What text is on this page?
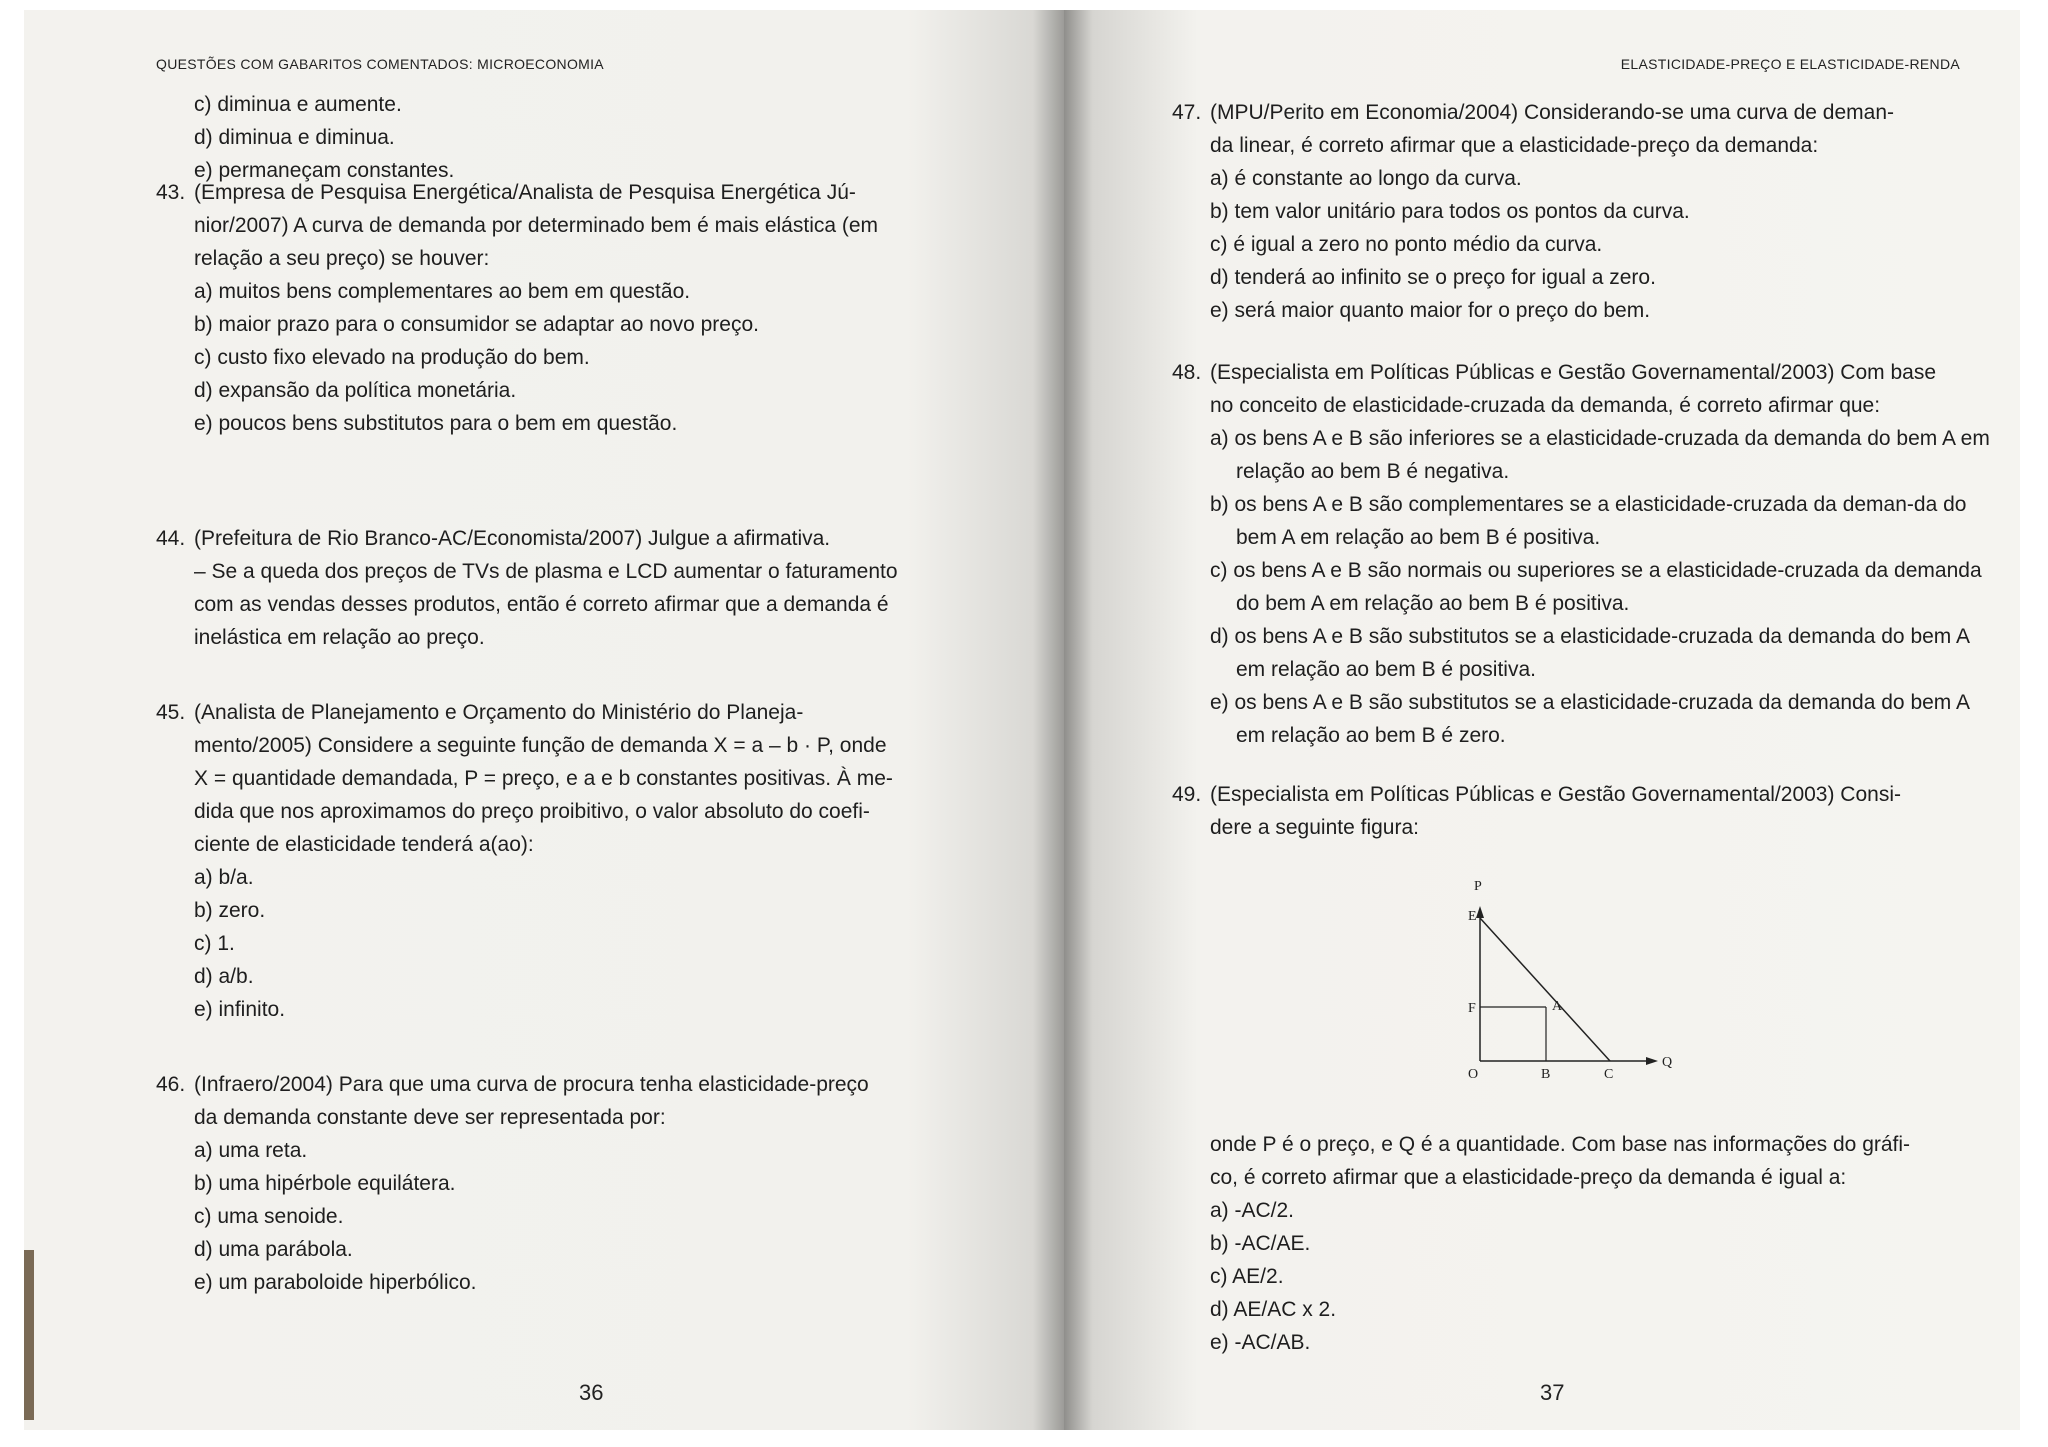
QUESTÕES COM GABARITOS COMENTADOS: MICROECONOMIA
c) diminua e aumente.
d) diminua e diminua.
e) permaneçam constantes.
43. (Empresa de Pesquisa Energética/Analista de Pesquisa Energética Jú-
nior/2007) A curva de demanda por determinado bem é mais elástica (em
relação a seu preço) se houver:
a) muitos bens complementares ao bem em questão.
b) maior prazo para o consumidor se adaptar ao novo preço.
c) custo fixo elevado na produção do bem.
d) expansão da política monetária.
e) poucos bens substitutos para o bem em questão.
44. (Prefeitura de Rio Branco-AC/Economista/2007) Julgue a afirmativa.
– Se a queda dos preços de TVs de plasma e LCD aumentar o faturamento
com as vendas desses produtos, então é correto afirmar que a demanda é
inelástica em relação ao preço.
45. (Analista de Planejamento e Orçamento do Ministério do Planeja-
mento/2005) Considere a seguinte função de demanda X = a – b · P, onde
X = quantidade demandada, P = preço, e a e b constantes positivas. À me-
dida que nos aproximamos do preço proibitivo, o valor absoluto do coefi-
ciente de elasticidade tenderá a(ao):
a) b/a.
b) zero.
c) 1.
d) a/b.
e) infinito.
46. (Infraero/2004) Para que uma curva de procura tenha elasticidade-preço
da demanda constante deve ser representada por:
a) uma reta.
b) uma hipérbole equilátera.
c) uma senoide.
d) uma parábola.
e) um paraboloide hiperbólico.
36
ELASTICIDADE-PREÇO E ELASTICIDADE-RENDA
47. (MPU/Perito em Economia/2004) Considerando-se uma curva de deman-
da linear, é correto afirmar que a elasticidade-preço da demanda:
a) é constante ao longo da curva.
b) tem valor unitário para todos os pontos da curva.
c) é igual a zero no ponto médio da curva.
d) tenderá ao infinito se o preço for igual a zero.
e) será maior quanto maior for o preço do bem.
48. (Especialista em Políticas Públicas e Gestão Governamental/2003) Com base
no conceito de elasticidade-cruzada da demanda, é correto afirmar que:
a) os bens A e B são inferiores se a elasticidade-cruzada da demanda do bem A em relação ao bem B é negativa.
b) os bens A e B são complementares se a elasticidade-cruzada da deman-da do bem A em relação ao bem B é positiva.
c) os bens A e B são normais ou superiores se a elasticidade-cruzada da demanda do bem A em relação ao bem B é positiva.
d) os bens A e B são substitutos se a elasticidade-cruzada da demanda do bem A em relação ao bem B é positiva.
e) os bens A e B são substitutos se a elasticidade-cruzada da demanda do bem A em relação ao bem B é zero.
49. (Especialista em Políticas Públicas e Gestão Governamental/2003) Consi-
dere a seguinte figura:
P
E
F	A
O	B	C
Q
onde P é o preço, e Q é a quantidade. Com base nas informações do gráfi-
co, é correto afirmar que a elasticidade-preço da demanda é igual a:
a) -AC/2.
b) -AC/AE.
c) AE/2.
d) AE/AC x 2.
e) -AC/AB.
37
